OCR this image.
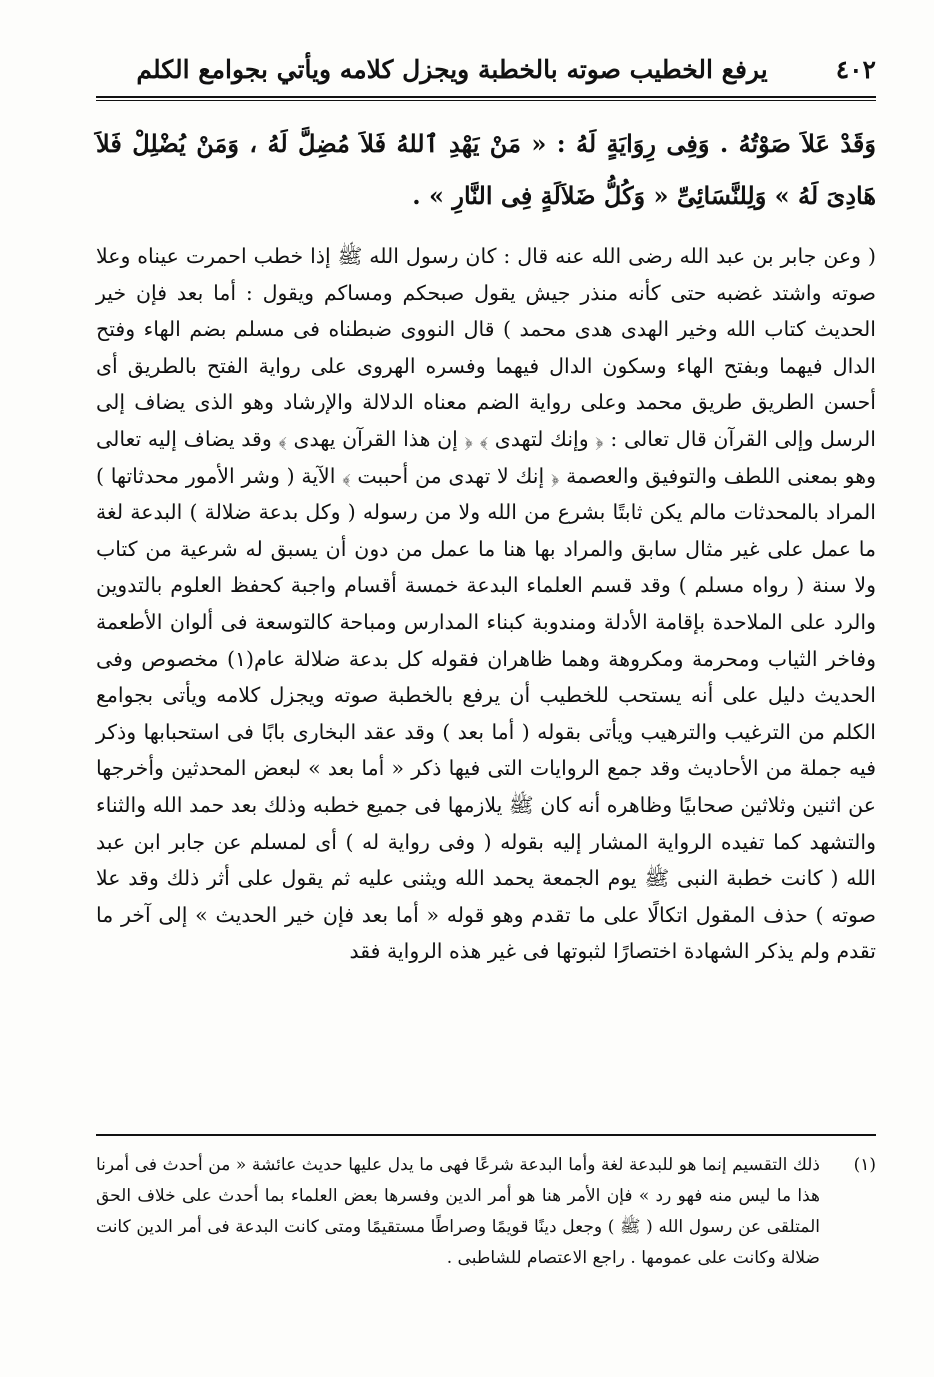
٤٠٢
يرفع الخطيب صوته بالخطبة ويجزل كلامه ويأتي بجوامع الكلم
وَقَدْ عَلاَ صَوْتُهُ . وَفِى رِوَايَةٍ لَهُ : « مَنْ يَهْدِ ٱللهُ فَلاَ مُضِلَّ لَهُ ، وَمَنْ يُضْلِلْ فَلاَ هَادِىَ لَهُ » وَلِلنَّسَائِىِّ « وَكُلُّ ضَلاَلَةٍ فِى النَّارِ » .
( وعن جابر بن عبد الله رضى الله عنه قال : كان رسول الله ﷺ إذا خطب احمرت عيناه وعلا صوته واشتد غضبه حتى كأنه منذر جيش يقول صبحكم ومساكم ويقول : أما بعد فإن خير الحديث كتاب الله وخير الهدى هدى محمد ) قال النووى ضبطناه فى مسلم بضم الهاء وفتح الدال فيهما وبفتح الهاء وسكون الدال فيهما وفسره الهروى على رواية الفتح بالطريق أى أحسن الطريق طريق محمد وعلى رواية الضم معناه الدلالة والإرشاد وهو الذى يضاف إلى الرسل وإلى القرآن قال تعالى : ﴿ وإنك لتهدى ﴾ ﴿ إن هذا القرآن يهدى ﴾ وقد يضاف إليه تعالى وهو بمعنى اللطف والتوفيق والعصمة ﴿ إنك لا تهدى من أحببت ﴾ الآية ( وشر الأمور محدثاتها ) المراد بالمحدثات مالم يكن ثابتًا بشرع من الله ولا من رسوله ( وكل بدعة ضلالة ) البدعة لغة ما عمل على غير مثال سابق والمراد بها هنا ما عمل من دون أن يسبق له شرعية من كتاب ولا سنة ( رواه مسلم ) وقد قسم العلماء البدعة خمسة أقسام واجبة كحفظ العلوم بالتدوين والرد على الملاحدة بإقامة الأدلة ومندوبة كبناء المدارس ومباحة كالتوسعة فى ألوان الأطعمة وفاخر الثياب ومحرمة ومكروهة وهما ظاهران فقوله كل بدعة ضلالة عام(١) مخصوص وفى الحديث دليل على أنه يستحب للخطيب أن يرفع بالخطبة صوته ويجزل كلامه ويأتى بجوامع الكلم من الترغيب والترهيب ويأتى بقوله ( أما بعد ) وقد عقد البخارى بابًا فى استحبابها وذكر فيه جملة من الأحاديث وقد جمع الروايات التى فيها ذكر « أما بعد » لبعض المحدثين وأخرجها عن اثنين وثلاثين صحابيًا وظاهره أنه كان ﷺ يلازمها فى جميع خطبه وذلك بعد حمد الله والثناء والتشهد كما تفيده الرواية المشار إليه بقوله ( وفى رواية له ) أى لمسلم عن جابر ابن عبد الله ( كانت خطبة النبى ﷺ يوم الجمعة يحمد الله ويثنى عليه ثم يقول على أثر ذلك وقد علا صوته ) حذف المقول اتكالًا على ما تقدم وهو قوله « أما بعد فإن خير الحديث » إلى آخر ما تقدم ولم يذكر الشهادة اختصارًا لثبوتها فى غير هذه الرواية فقد
(١)
ذلك التقسيم إنما هو للبدعة لغة وأما البدعة شرعًا فهى ما يدل عليها حديث عائشة « من أحدث فى أمرنا هذا ما ليس منه فهو رد » فإن الأمر هنا هو أمر الدين وفسرها بعض العلماء بما أحدث على خلاف الحق المتلقى عن رسول الله ( ﷺ ) وجعل دينًا قويمًا وصراطًا مستقيمًا ومتى كانت البدعة فى أمر الدين كانت ضلالة وكانت على عمومها . راجع الاعتصام للشاطبى .
